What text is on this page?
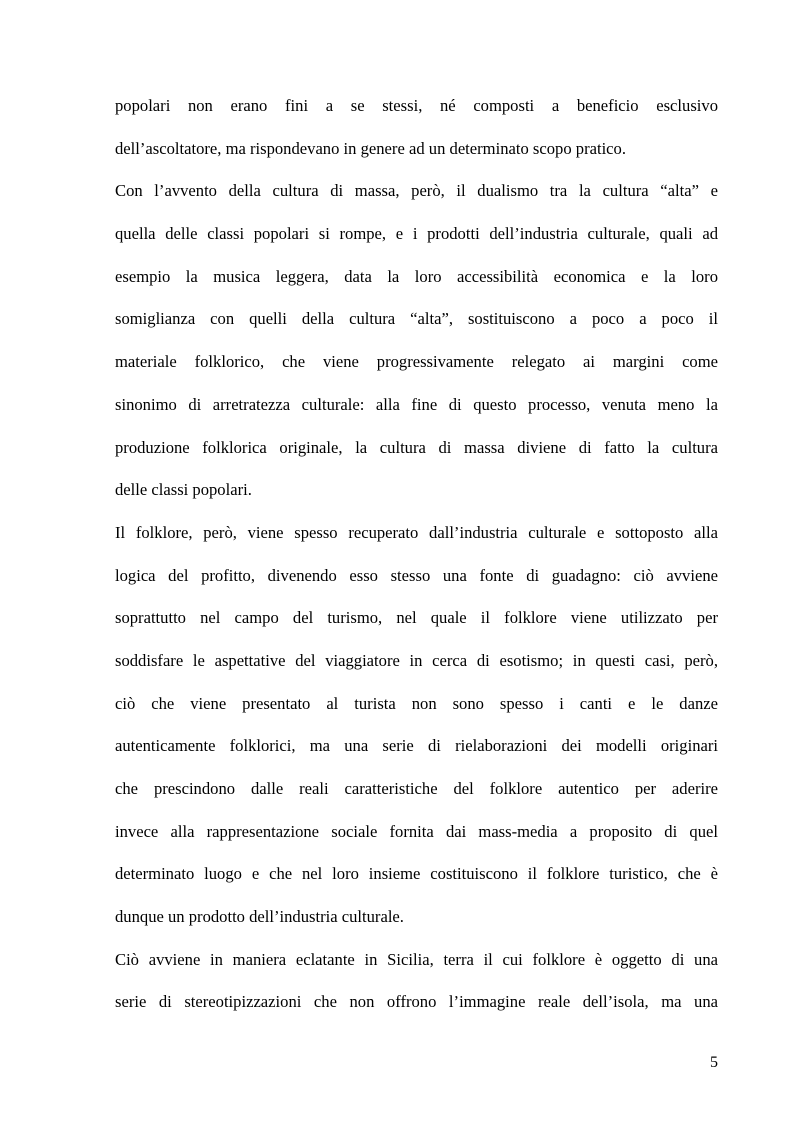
popolari non erano fini a se stessi, né composti a beneficio esclusivo
dell’ascoltatore, ma rispondevano in genere ad un determinato scopo pratico.
Con l’avvento della cultura di massa, però, il dualismo tra la cultura “alta” e
quella delle classi popolari si rompe, e i prodotti dell’industria culturale, quali ad
esempio la musica leggera, data la loro accessibilità economica e la loro
somiglianza con quelli della cultura “alta”, sostituiscono a poco a poco il
materiale folklorico, che viene progressivamente relegato ai margini come
sinonimo di arretratezza culturale: alla fine di questo processo, venuta meno la
produzione folklorica originale, la cultura di massa diviene di fatto la cultura
delle classi popolari.
Il folklore, però, viene spesso recuperato dall’industria culturale e sottoposto alla
logica del profitto, divenendo esso stesso una fonte di guadagno: ciò avviene
soprattutto nel campo del turismo, nel quale il folklore viene utilizzato per
soddisfare le aspettative del viaggiatore in cerca di esotismo; in questi casi, però,
ciò che viene presentato al turista non sono spesso i canti e le danze
autenticamente folklorici, ma una serie di rielaborazioni dei modelli originari
che prescindono dalle reali caratteristiche del folklore autentico per aderire
invece alla rappresentazione sociale fornita dai mass-media a proposito di quel
determinato luogo e che nel loro insieme costituiscono il folklore turistico, che è
dunque un prodotto dell’industria culturale.
Ciò avviene in maniera eclatante in Sicilia, terra il cui folklore è oggetto di una
serie di stereotipizzazioni che non offrono l’immagine reale dell’isola, ma una
5
